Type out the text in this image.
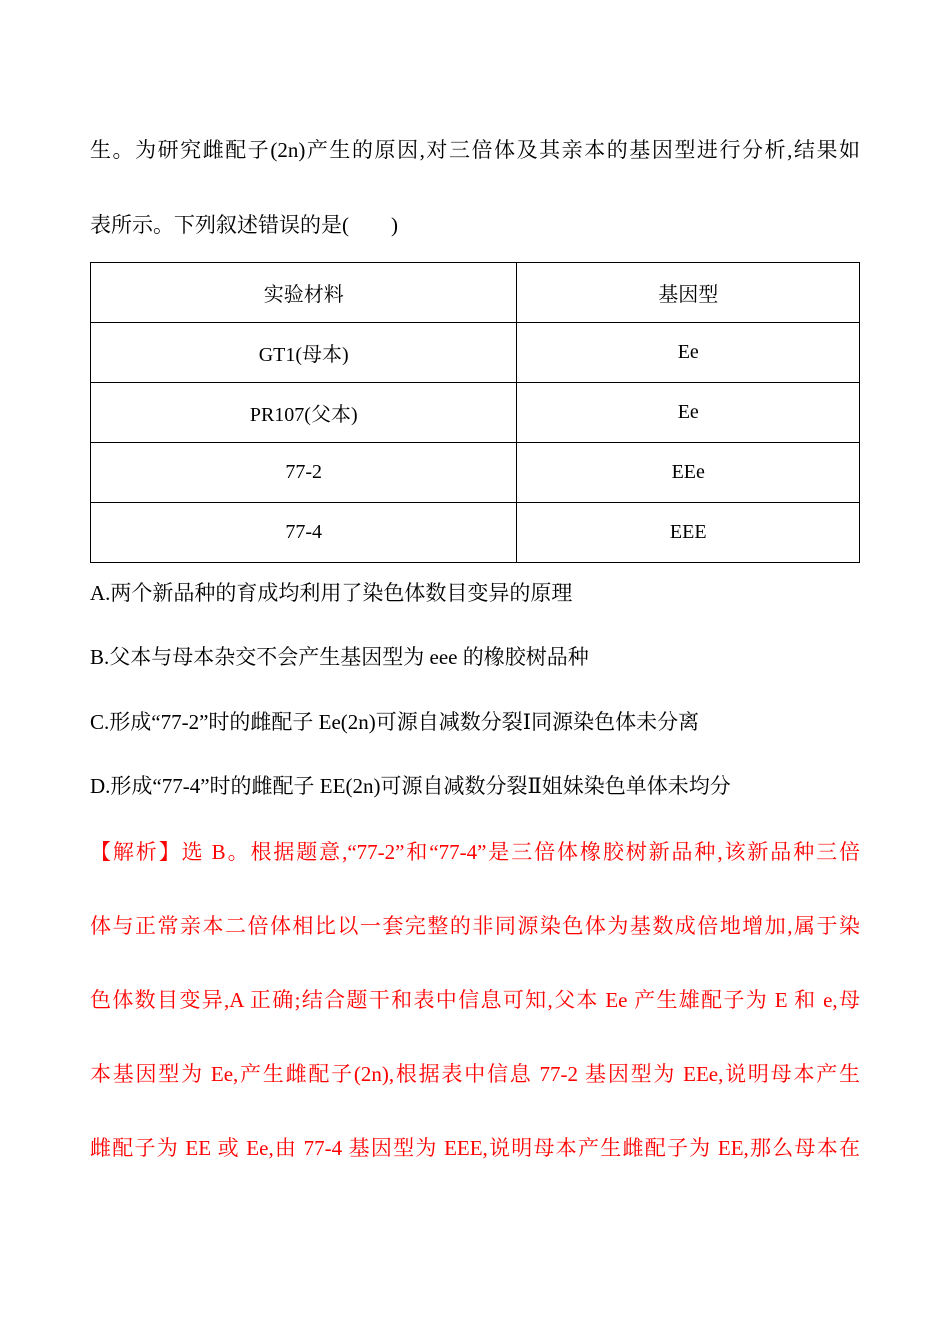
生。为研究雌配子(2n)产生的原因,对三倍体及其亲本的基因型进行分析,结果如
表所示。下列叙述错误的是(　　)
实验材料	基因型
GT1(母本)	Ee
PR107(父本)	Ee
77-2	EEe
77-4	EEE
A.两个新品种的育成均利用了染色体数目变异的原理
B.父本与母本杂交不会产生基因型为 eee 的橡胶树品种
C.形成“77-2”时的雌配子 Ee(2n)可源自减数分裂Ⅰ同源染色体未分离
D.形成“77-4”时的雌配子 EE(2n)可源自减数分裂Ⅱ姐妹染色单体未均分
【解析】选 B。根据题意,“77-2”和“77-4”是三倍体橡胶树新品种,该新品种三倍
体与正常亲本二倍体相比以一套完整的非同源染色体为基数成倍地增加,属于染
色体数目变异,A 正确;结合题干和表中信息可知,父本 Ee 产生雄配子为 E 和 e,母
本基因型为 Ee,产生雌配子(2n),根据表中信息 77-2 基因型为 EEe,说明母本产生
雌配子为 EE 或 Ee,由 77-4 基因型为 EEE,说明母本产生雌配子为 EE,那么母本在
